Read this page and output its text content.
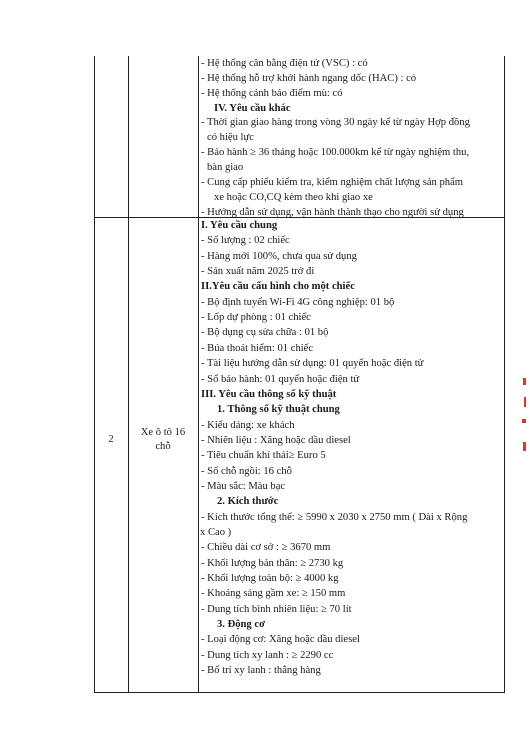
- Hệ thống cân bằng điện tử (VSC) : có
- Hệ thống hỗ trợ khởi hành ngang dốc (HAC) : có
- Hệ thống cảnh báo điểm mù: có
IV. Yêu cầu khác
- Thời gian giao hàng trong vòng 30 ngày kể từ ngày Hợp đồng
có hiệu lực
- Bảo hành ≥ 36 tháng hoặc 100.000km kể từ ngày nghiệm thu,
bàn giao
- Cung cấp phiếu kiểm tra, kiểm nghiệm chất lượng sản phẩm
xe hoặc CO,CQ kèm theo khi giao xe
- Hướng dẫn sử dụng, vận hành thành thạo cho người sử dụng
2
Xe ô tô 16
chỗ
I. Yêu cầu chung
- Số lượng : 02 chiếc
- Hàng mới 100%, chưa qua sử dụng
- Sản xuất năm 2025 trở đi
II.Yêu cầu cấu hình cho một chiếc
- Bộ định tuyến Wi-Fi 4G công nghiệp: 01 bộ
- Lốp dự phòng : 01 chiếc
- Bộ dụng cụ sửa chữa : 01 bộ
- Búa thoát hiểm: 01 chiếc
- Tài liệu hướng dẫn sử dụng: 01 quyển hoặc điện tử
- Sổ bảo hành: 01 quyển hoặc điện tử
III. Yêu cầu thông số kỹ thuật
1. Thông số kỹ thuật chung
- Kiểu dáng: xe khách
- Nhiên liệu : Xăng hoặc dầu diesel
- Tiêu chuẩn khí thải≥ Euro 5
- Số chỗ ngồi: 16 chỗ
- Màu sắc: Màu bạc
2. Kích thước
- Kích thước tổng thể: ≥ 5990 x 2030 x 2750 mm ( Dài x Rộng
x Cao )
- Chiều dài cơ sở : ≥ 3670 mm
- Khối lượng bản thân: ≥ 2730 kg
- Khối lượng toàn bộ: ≥ 4000 kg
- Khoảng sáng gầm xe: ≥ 150 mm
- Dung tích bình nhiên liệu: ≥ 70 lít
3. Động cơ
- Loại động cơ: Xăng hoặc dầu diesel
- Dung tích xy lanh : ≥ 2290 cc
- Bố trí xy lanh : thẳng hàng
